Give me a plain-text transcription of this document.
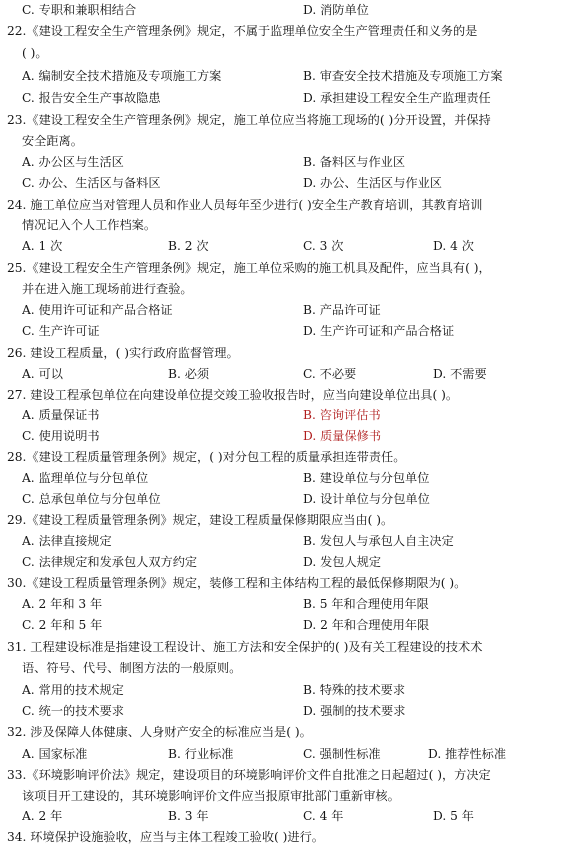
C. 专职和兼职相结合	D. 消防单位
22.《建设工程安全生产管理条例》规定，不属于监理单位安全生产管理责任和义务的是
( )。
A. 编制安全技术措施及专项施工方案	B. 审查安全技术措施及专项施工方案
C. 报告安全生产事故隐患	D. 承担建设工程安全生产监理责任
23.《建设工程安全生产管理条例》规定，施工单位应当将施工现场的( )分开设置，并保持
安全距离。
A. 办公区与生活区	B. 备料区与作业区
C. 办公、生活区与备料区	D. 办公、生活区与作业区
24. 施工单位应当对管理人员和作业人员每年至少进行( )安全生产教育培训，其教育培训
情况记入个人工作档案。
A. 1 次	B. 2 次	C. 3 次	D. 4 次
25.《建设工程安全生产管理条例》规定，施工单位采购的施工机具及配件，应当具有( )，
并在进入施工现场前进行查验。
A. 使用许可证和产品合格证	B. 产品许可证
C. 生产许可证	D. 生产许可证和产品合格证
26. 建设工程质量，( )实行政府监督管理。
A. 可以	B. 必须	C. 不必要	D. 不需要
27. 建设工程承包单位在向建设单位提交竣工验收报告时，应当向建设单位出具( )。
A. 质量保证书	B. 咨询评估书
C. 使用说明书	D. 质量保修书
28.《建设工程质量管理条例》规定，( )对分包工程的质量承担连带责任。
A. 监理单位与分包单位	B. 建设单位与分包单位
C. 总承包单位与分包单位	D. 设计单位与分包单位
29.《建设工程质量管理条例》规定，建设工程质量保修期限应当由( )。
A. 法律直接规定	B. 发包人与承包人自主决定
C. 法律规定和发承包人双方约定	D. 发包人规定
30.《建设工程质量管理条例》规定，装修工程和主体结构工程的最低保修期限为( )。
A. 2 年和 3 年	B. 5 年和合理使用年限
C. 2 年和 5 年	D. 2 年和合理使用年限
31. 工程建设标准是指建设工程设计、施工方法和安全保护的( )及有关工程建设的技术术
语、符号、代号、制图方法的一般原则。
A. 常用的技术规定	B. 特殊的技术要求
C. 统一的技术要求	D. 强制的技术要求
32. 涉及保障人体健康、人身财产安全的标准应当是( )。
A. 国家标准	B. 行业标准	C. 强制性标准	D. 推荐性标准
33.《环境影响评价法》规定，建设项目的环境影响评价文件自批准之日起超过( )，方决定
该项目开工建设的，其环境影响评价文件应当报原审批部门重新审核。
A. 2 年	B. 3 年	C. 4 年	D. 5 年
34. 环境保护设施验收，应当与主体工程竣工验收( )进行。
